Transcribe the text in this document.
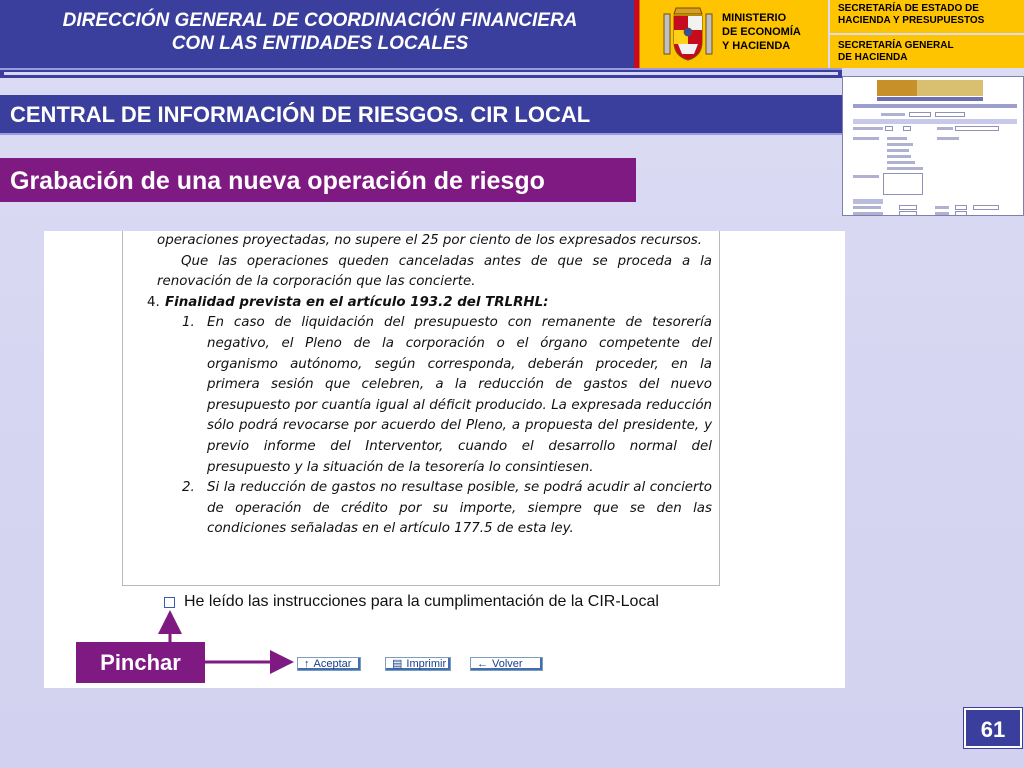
DIRECCIÓN GENERAL DE COORDINACIÓN FINANCIERA
CON LAS ENTIDADES LOCALES
MINISTERIO
DE ECONOMÍA
Y HACIENDA
SECRETARÍA DE ESTADO DE
HACIENDA Y PRESUPUESTOS
SECRETARÍA GENERAL
DE HACIENDA
CENTRAL DE INFORMACIÓN DE RIESGOS. CIR LOCAL
Grabación de una nueva operación de riesgo
operaciones proyectadas, no supere el 25 por ciento de los expresados recursos.
Que las operaciones queden canceladas antes de que se proceda a la renovación de la corporación que las concierte.
4. Finalidad prevista en el artículo 193.2 del TRLRHL:
1. En caso de liquidación del presupuesto con remanente de tesorería negativo, el Pleno de la corporación o el órgano competente del organismo autónomo, según corresponda, deberán proceder, en la primera sesión que celebren, a la reducción de gastos del nuevo presupuesto por cuantía igual al déficit producido. La expresada reducción sólo podrá revocarse por acuerdo del Pleno, a propuesta del presidente, y previo informe del Interventor, cuando el desarrollo normal del presupuesto y la situación de la tesorería lo consintiesen.
2. Si la reducción de gastos no resultase posible, se podrá acudir al concierto de operación de crédito por su importe, siempre que se den las condiciones señaladas en el artículo 177.5 de esta ley.
He leído las instrucciones para la cumplimentación de la CIR-Local
↑ Aceptar	▤ Imprimir	← Volver
Pinchar
61
